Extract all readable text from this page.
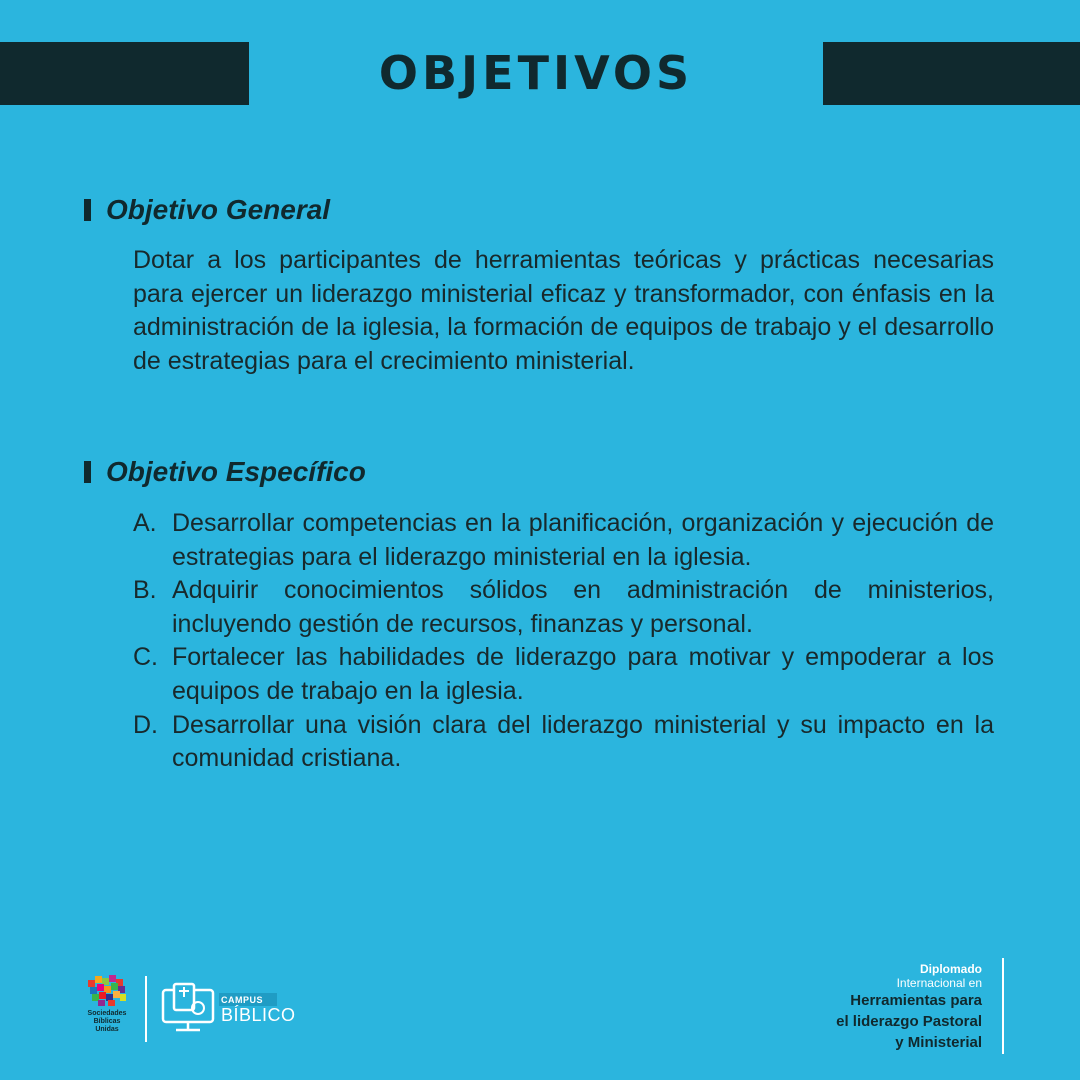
OBJETIVOS
Objetivo General
Dotar a los participantes de herramientas teóricas y prácticas necesarias para ejercer un liderazgo ministerial eficaz y transformador, con énfasis en la administración de la iglesia, la formación de equipos de trabajo y el desarrollo de estrategias para el crecimiento ministerial.
Objetivo Específico
A. Desarrollar competencias en la planificación, organización y ejecución de estrategias para el liderazgo ministerial en la iglesia.
B. Adquirir conocimientos sólidos en administración de ministerios, incluyendo gestión de recursos, finanzas y personal.
C. Fortalecer las habilidades de liderazgo para motivar y empoderar a los equipos de trabajo en la iglesia.
D. Desarrollar una visión clara del liderazgo ministerial y su impacto en la comunidad cristiana.
Sociedades
Bíblicas
Unidas
CAMPUS
BÍBLICO
Diplomado
Internacional en
Herramientas para
el liderazgo Pastoral
y Ministerial
